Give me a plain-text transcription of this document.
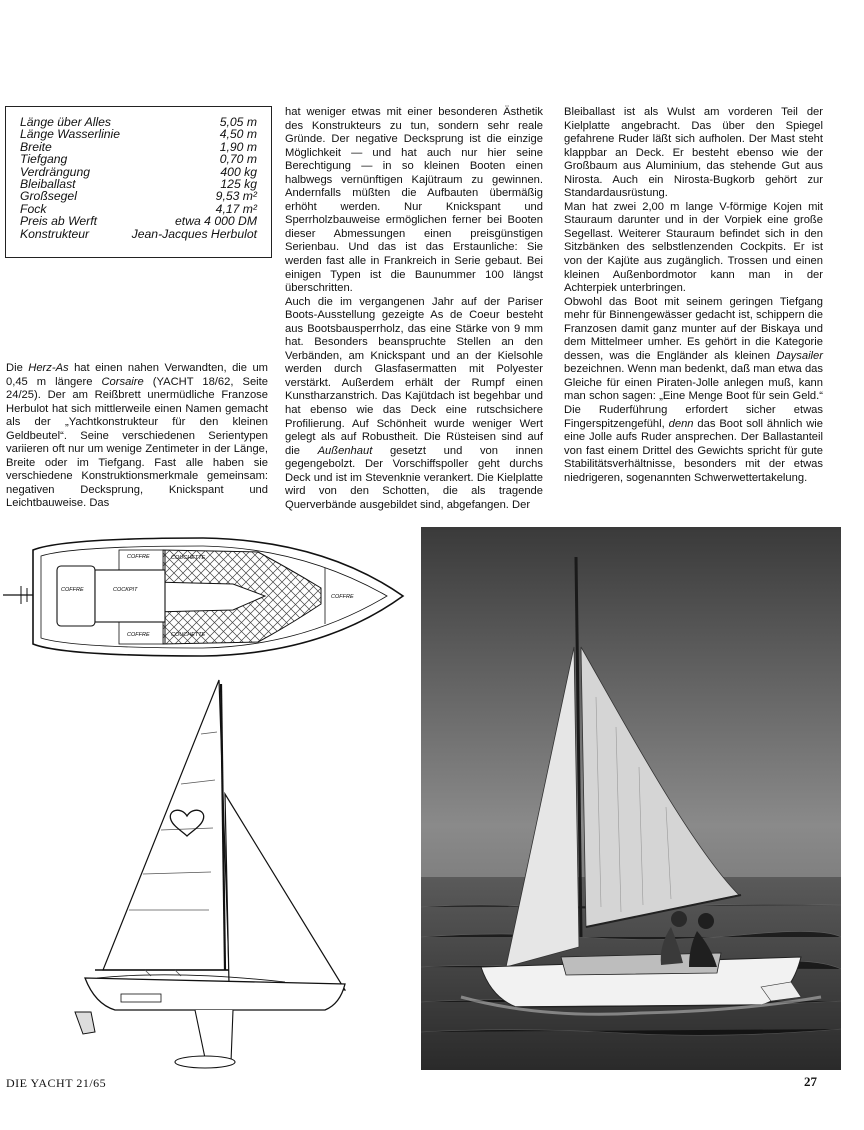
Länge über Alles	5,05 m
Länge Wasserlinie	4,50 m
Breite	1,90 m
Tiefgang	0,70 m
Verdrängung	400 kg
Bleiballast	125 kg
Großsegel	9,53 m²
Fock	4,17 m²
Preis ab Werft	etwa 4 000 DM
Konstrukteur	Jean-Jacques Herbulot

Die Herz-As hat einen nahen Verwandten, die um 0,45 m längere Corsaire (YACHT 18/62, Seite 24/25). Der am Reißbrett unermüdliche Franzose Herbulot hat sich mittlerweile einen Namen gemacht als der „Yachtkonstrukteur für den kleinen Geldbeutel“. Seine verschiedenen Serientypen variieren oft nur um wenige Zentimeter in der Länge, Breite oder im Tiefgang. Fast alle haben sie verschiedene Konstruktionsmerkmale gemeinsam: negativen Decksprung, Knickspant und Leichtbauweise. Das

hat weniger etwas mit einer besonderen Ästhetik des Konstrukteurs zu tun, sondern sehr reale Gründe. Der negative Decksprung ist die einzige Möglichkeit — und hat auch nur hier seine Berechtigung — in so kleinen Booten einen halbwegs vernünftigen Kajütraum zu gewinnen. Andernfalls müßten die Aufbauten übermäßig erhöht werden. Nur Knickspant und Sperrholzbauweise ermöglichen ferner bei Booten dieser Abmessungen einen preisgünstigen Serienbau. Und das ist das Erstaunliche: Sie werden fast alle in Frankreich in Serie gebaut. Bei einigen Typen ist die Baunummer 100 längst überschritten.

Auch die im vergangenen Jahr auf der Pariser Boots-Ausstellung gezeigte As de Coeur besteht aus Bootsbausperrholz, das eine Stärke von 9 mm hat. Besonders beanspruchte Stellen an den Verbänden, am Knickspant und an der Kielsohle werden durch Glasfasermatten mit Polyester verstärkt. Außerdem erhält der Rumpf einen Kunstharzanstrich. Das Kajütdach ist begehbar und hat ebenso wie das Deck eine rutschsichere Profilierung. Auf Schönheit wurde weniger Wert gelegt als auf Robustheit. Die Rüsteisen sind auf die Außenhaut gesetzt und von innen gegengebolzt. Der Vorschiffspoller geht durchs Deck und ist im Stevenknie verankert. Die Kielplatte wird von den Schotten, die als tragende Querverbände ausgebildet sind, abgefangen. Der

Bleiballast ist als Wulst am vorderen Teil der Kielplatte angebracht. Das über den Spiegel gefahrene Ruder läßt sich aufholen. Der Mast steht klappbar an Deck. Er besteht ebenso wie der Großbaum aus Aluminium, das stehende Gut aus Nirosta. Auch ein Nirosta-Bugkorb gehört zur Standardausrüstung.

Man hat zwei 2,00 m lange V-förmige Kojen mit Stauraum darunter und in der Vorpiek eine große Segellast. Weiterer Stauraum befindet sich in den Sitzbänken des selbstlenzenden Cockpits. Er ist von der Kajüte aus zugänglich. Trossen und einen kleinen Außenbordmotor kann man in der Achterpiek unterbringen.

Obwohl das Boot mit seinem geringen Tiefgang mehr für Binnengewässer gedacht ist, schippern die Franzosen damit ganz munter auf der Biskaya und dem Mittelmeer umher. Es gehört in die Kategorie dessen, was die Engländer als kleinen Daysailer bezeichnen. Wenn man bedenkt, daß man etwa das Gleiche für einen Piraten-Jolle anlegen muß, kann man schon sagen: „Eine Menge Boot für sein Geld.“ Die Ruderführung erfordert sicher etwas Fingerspitzengefühl, denn das Boot soll ähnlich wie eine Jolle aufs Ruder ansprechen. Der Ballastanteil von fast einem Drittel des Gewichts spricht für gute Stabilitätsverhältnisse, besonders mit der etwas niedrigeren, sogenannten Schwerwettertakelung.

COFFRE	COUCHETTE
COFFRE	COCKPIT
COFFRE
COFFRE	COUCHETTE
DIE YACHT 21/65	27
